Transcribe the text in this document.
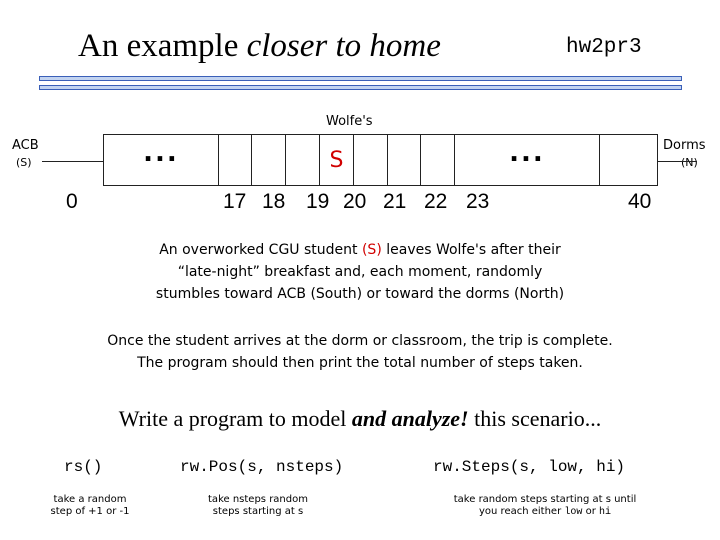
An example closer to home	hw2pr3
Wolfe's
ACB
(S)
Dorms
(N)
...	S	...
0	17 18 19 20 21 22 23	40
An overworked CGU student (S) leaves Wolfe's after their
“late-night” breakfast and, each moment, randomly
stumbles toward ACB (South) or toward the dorms (North)
Once the student arrives at the dorm or classroom, the trip is complete.
The program should then print the total number of steps taken.
Write a program to model and analyze! this scenario...
rs()	rw.Pos(s, nsteps)	rw.Steps(s, low, hi)
take a random
step of +1 or -1
take nsteps random
steps starting at s
take random steps starting at s until
you reach either low or hi
